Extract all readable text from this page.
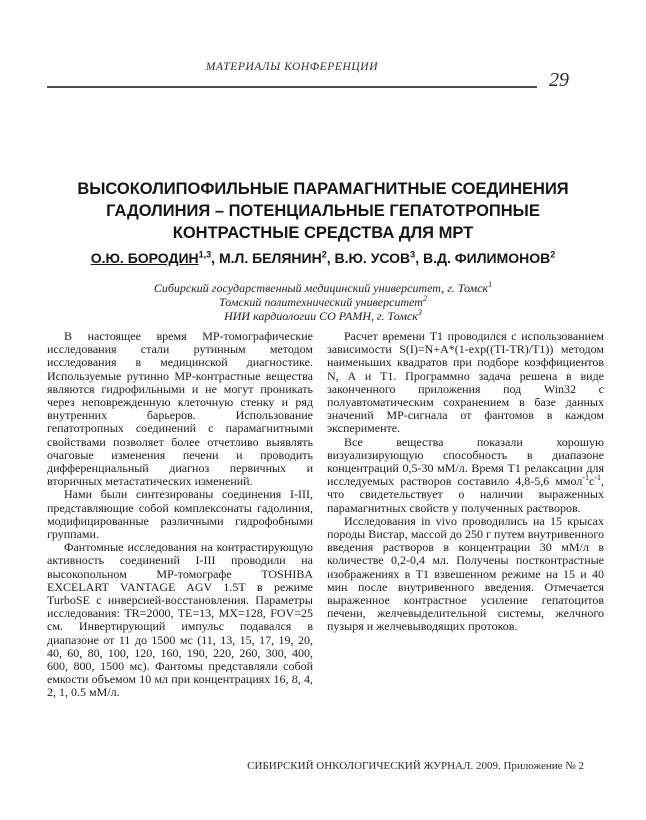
МАТЕРИАЛЫ КОНФЕРЕНЦИИ
29
ВЫСОКОЛИПОФИЛЬНЫЕ ПАРАМАГНИТНЫЕ СОЕДИНЕНИЯ
ГАДОЛИНИЯ – ПОТЕНЦИАЛЬНЫЕ ГЕПАТОТРОПНЫЕ
КОНТРАСТНЫЕ СРЕДСТВА ДЛЯ МРТ
О.Ю. БОРОДИН$^{1,3}$, М.Л. БЕЛЯНИН$^2$, В.Ю. УСОВ$^3$, В.Д. ФИЛИМОНОВ$^2$
Сибирский государственный медицинский университет, г. Томск$^1$
Томский политехнический университет$^2$
НИИ кардиологии СО РАМН, г. Томск$^3$

В настоящее время МР-томографические исследования стали рутинным методом исследования в медицинской диагностике. Используемые рутинно МР-контрастные вещества являются гидрофильными и не могут проникать через неповрежденную клеточную стенку и ряд внутренних барьеров. Использование гепатотропных соединений с парамагнитными свойствами позволяет более отчетливо выявлять очаговые изменения печени и проводить дифференциальный диагноз первичных и вторичных метастатических изменений.

Нами были синтезированы соединения I-III, представляющие собой комплексонаты гадолиния, модифицированные различными гидрофобными группами.

Фантомные исследования на контрастирующую активность соединений I-III проводили на высокопольном МР-томографе TOSHIBA EXCELART VANTAGE AGV 1.5T в режиме TurboSE с инверсией-восстановления. Параметры исследования: TR=2000, TE=13, MX=128, FOV=25 см. Инвертирующий импульс подавался в диапазоне от 11 до 1500 мс (11, 13, 15, 17, 19, 20, 40, 60, 80, 100, 120, 160, 190, 220, 260, 300, 400, 600, 800, 1500 мс). Фантомы представляли собой емкости объемом 10 мл при концентрациях 16, 8, 4, 2, 1, 0.5 мМ/л.

Расчет времени Т1 проводился с использованием зависимости S(I)=N+A*(1-exp((TI-TR)/Т1)) методом наименьших квадратов при подборе коэффициентов N, А и Т1. Программно задача решена в виде законченного приложения под Win32 с полуавтоматическим сохранением в базе данных значений МР-сигнала от фантомов в каждом эксперименте.

Все вещества показали хорошую визуализирующую способность в диапазоне концентраций 0,5-30 мМ/л. Время Т1 релаксации для исследуемых растворов составило 4,8-5,6 $ммол^{-1}с^{-1}$, что свидетельствует о наличии выраженных парамагнитных свойств у полученных растворов.

Исследования in vivo проводились на 15 крысах породы Вистар, массой до 250 г путем внутривенного введения растворов в концентрации 30 мМ/л в количестве 0,2-0,4 мл. Получены постконтрастные изображениях в Т1 взвешенном режиме на 15 и 40 мин после внутривенного введения. Отмечается выраженное контрастное усиление гепатоцитов печени, желчевыделительной системы, желчного пузыря и желчевыводящих протоков.

СИБИРСКИЙ ОНКОЛОГИЧЕСКИЙ ЖУРНАЛ. 2009. Приложение № 2
